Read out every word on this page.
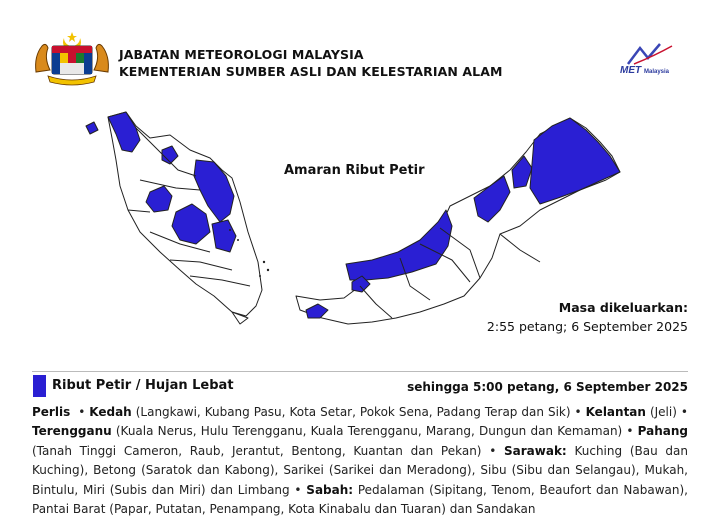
JABATAN METEOROLOGI MALAYSIA
KEMENTERIAN SUMBER ASLI DAN KELESTARIAN ALAM	MET Malaysia
Amaran Ribut Petir
Masa dikeluarkan:
2:55 petang; 6 September 2025
Ribut Petir / Hujan Lebat	sehingga 5:00 petang, 6 September 2025
Perlis  • Kedah (Langkawi, Kubang Pasu, Kota Setar, Pokok Sena, Padang Terap dan Sik) • Kelantan (Jeli) • Terengganu (Kuala Nerus, Hulu Terengganu, Kuala Terengganu, Marang, Dungun dan Kemaman) • Pahang (Tanah Tinggi Cameron, Raub, Jerantut, Bentong, Kuantan dan Pekan) • Sarawak: Kuching (Bau dan Kuching), Betong (Saratok dan Kabong), Sarikei (Sarikei dan Meradong), Sibu (Sibu dan Selangau), Mukah, Bintulu, Miri (Subis dan Miri) dan Limbang • Sabah: Pedalaman (Sipitang, Tenom, Beaufort dan Nabawan), Pantai Barat (Papar, Putatan, Penampang, Kota Kinabalu dan Tuaran) dan Sandakan
